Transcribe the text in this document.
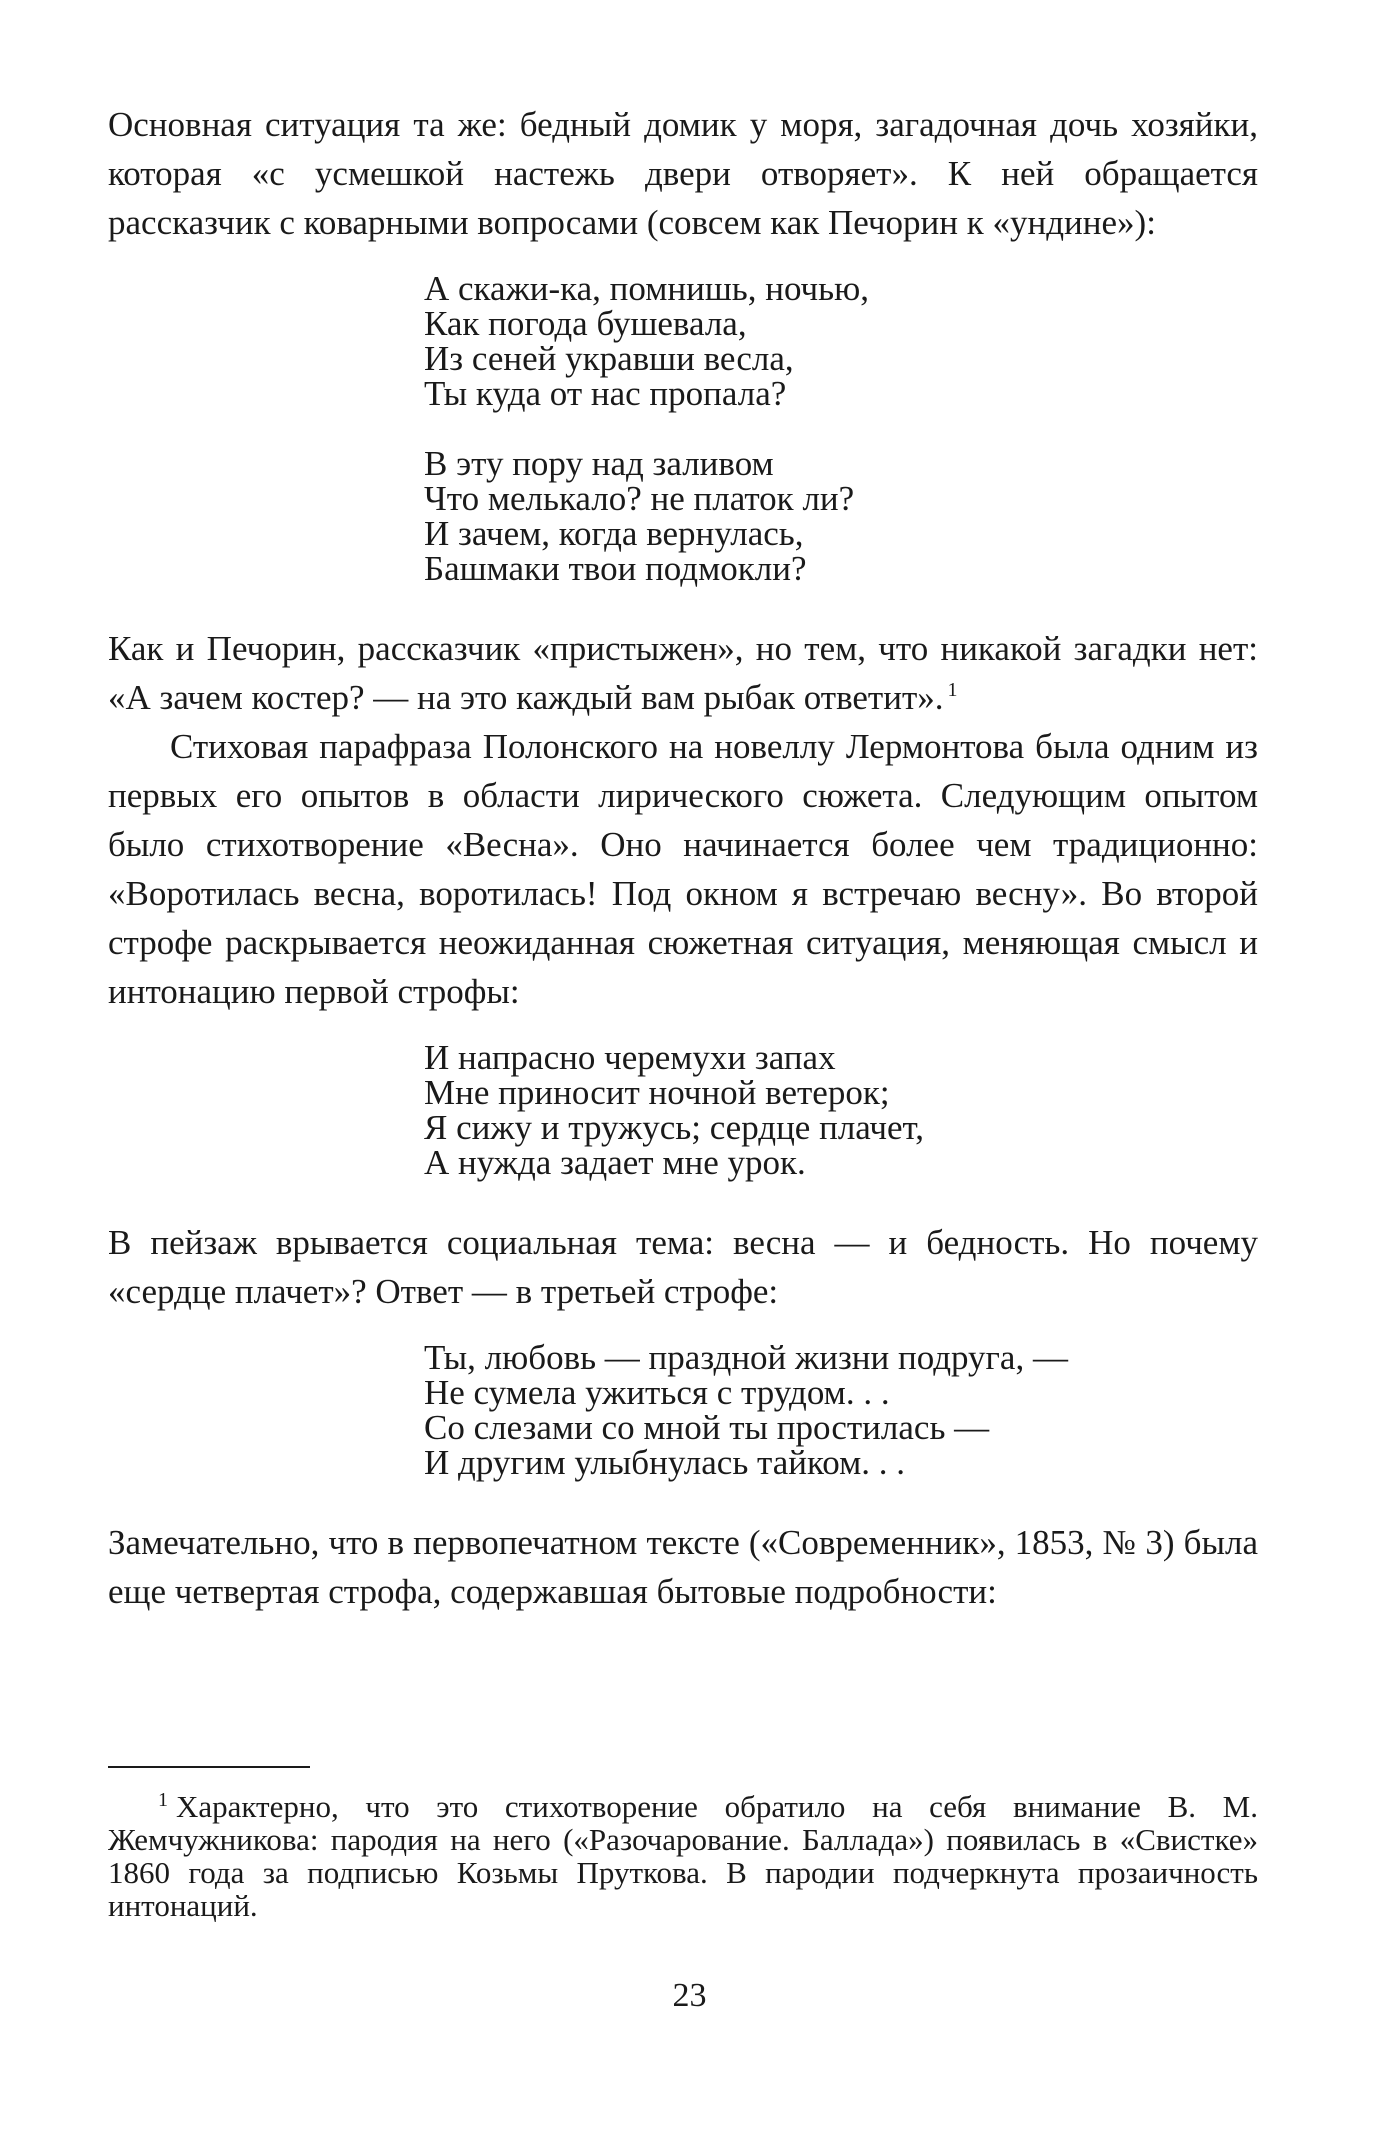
Основная ситуация та же: бедный домик у моря, загадочная дочь хозяйки, которая «с усмешкой настежь двери отворяет». К ней обращается рассказчик с коварными вопросами (совсем как Печорин к «ундине»):

А скажи-ка, помнишь, ночью,
Как погода бушевала,
Из сеней укравши весла,
Ты куда от нас пропала?
В эту пору над заливом
Что мелькало? не платок ли?
И зачем, когда вернулась,
Башмаки твои подмокли?

Как и Печорин, рассказчик «пристыжен», но тем, что никакой загадки нет: «А зачем костер? — на это каждый вам рыбак ответит». $^1$

Стиховая парафраза Полонского на новеллу Лермонтова была одним из первых его опытов в области лирического сюжета. Следующим опытом было стихотворение «Весна». Оно начинается более чем традиционно: «Воротилась весна, воротилась! Под окном я встречаю весну». Во второй строфе раскрывается неожиданная сюжетная ситуация, меняющая смысл и интонацию первой строфы:

И напрасно черемухи запах
Мне приносит ночной ветерок;
Я сижу и тружусь; сердце плачет,
А нужда задает мне урок.

В пейзаж врывается социальная тема: весна — и бедность. Но почему «сердце плачет»? Ответ — в третьей строфе:

Ты, любовь — праздной жизни подруга, —
Не сумела ужиться с трудом. . .
Со слезами со мной ты простилась —
И другим улыбнулась тайком. . .

Замечательно, что в первопечатном тексте («Современник», 1853, № 3) была еще четвертая строфа, содержавшая бытовые подробности:

$^1$ Характерно, что это стихотворение обратило на себя внимание В. М. Жемчужникова: пародия на него («Разочарование. Баллада») появилась в «Свистке» 1860 года за подписью Козьмы Пруткова. В пародии подчеркнута прозаичность интонаций.

23
